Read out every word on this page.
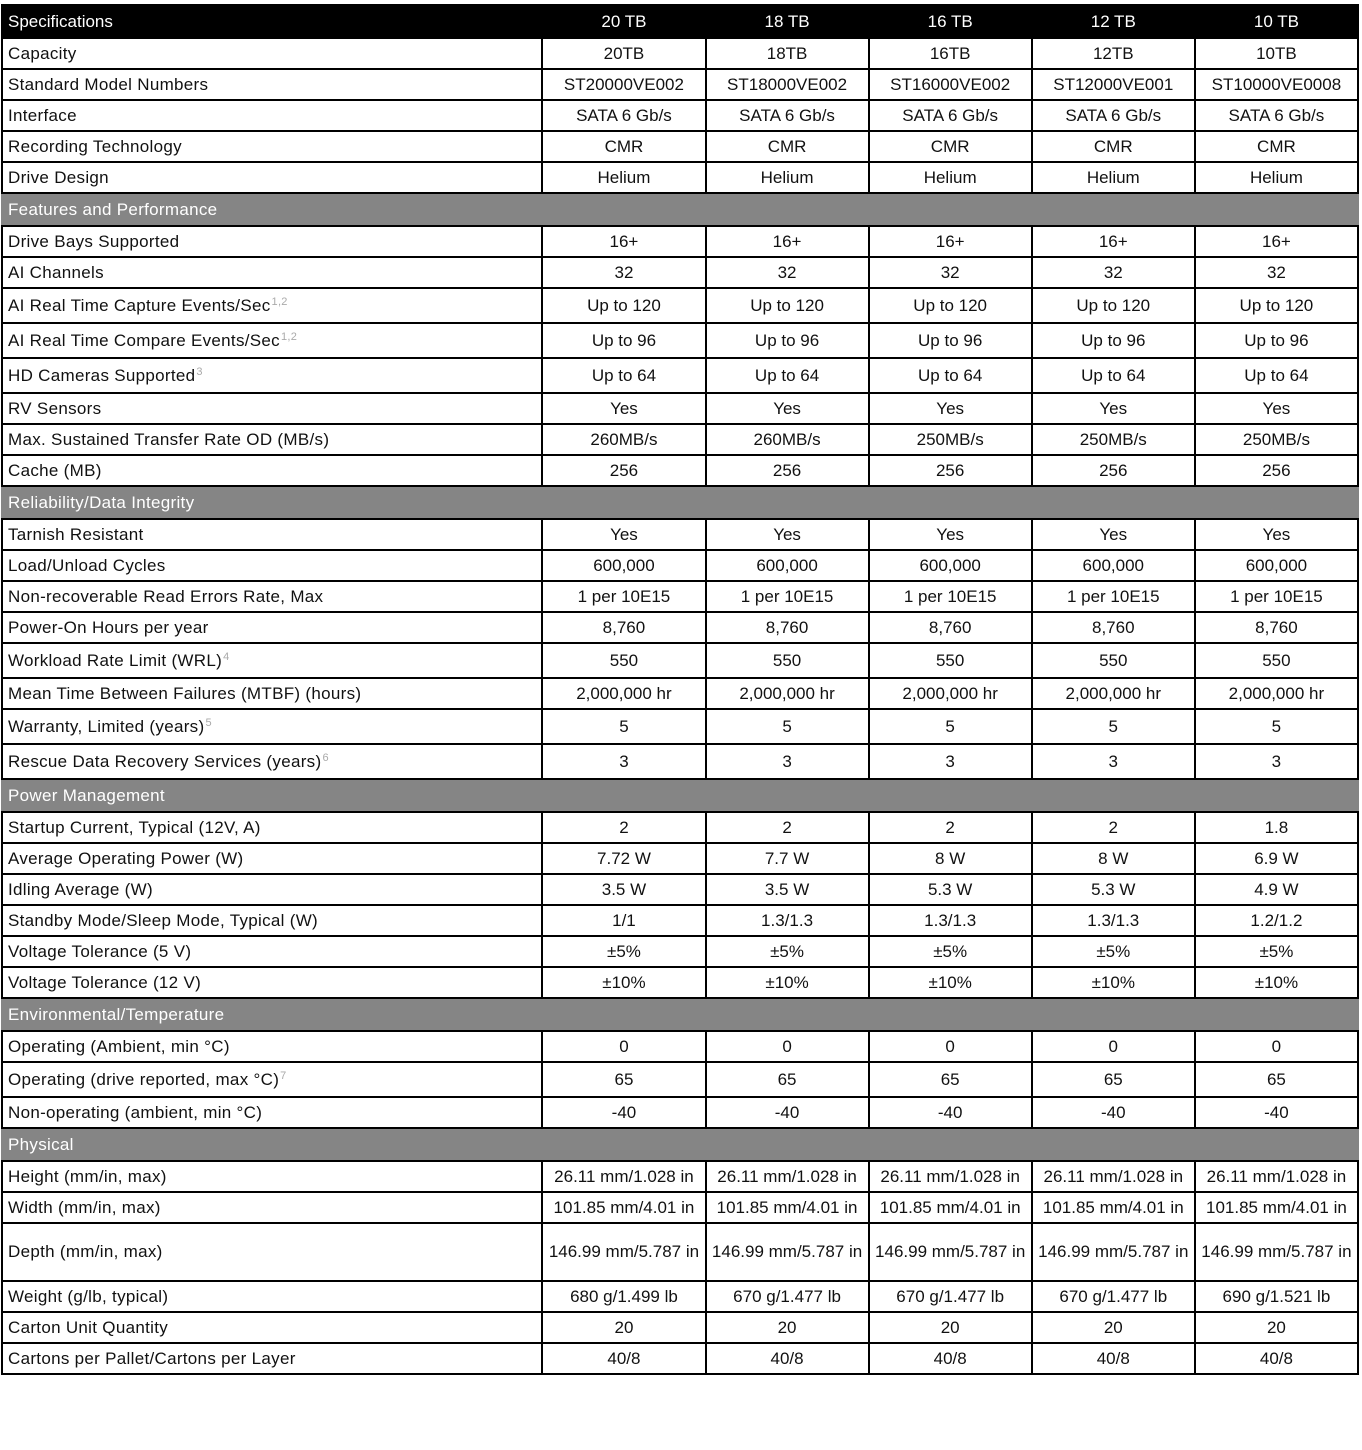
Specifications	20 TB	18 TB	16 TB	12 TB	10 TB
Capacity	20TB	18TB	16TB	12TB	10TB
Standard Model Numbers	ST20000VE002	ST18000VE002	ST16000VE002	ST12000VE001	ST10000VE0008
Interface	SATA 6 Gb/s	SATA 6 Gb/s	SATA 6 Gb/s	SATA 6 Gb/s	SATA 6 Gb/s
Recording Technology	CMR	CMR	CMR	CMR	CMR
Drive Design	Helium	Helium	Helium	Helium	Helium
Features and Performance					
Drive Bays Supported	16+	16+	16+	16+	16+
AI Channels	32	32	32	32	32
AI Real Time Capture Events/Sec$^{1,2}$	Up to 120	Up to 120	Up to 120	Up to 120	Up to 120
AI Real Time Compare Events/Sec$^{1,2}$	Up to 96	Up to 96	Up to 96	Up to 96	Up to 96
HD Cameras Supported$^3$	Up to 64	Up to 64	Up to 64	Up to 64	Up to 64
RV Sensors	Yes	Yes	Yes	Yes	Yes
Max. Sustained Transfer Rate OD (MB/s)	260MB/s	260MB/s	250MB/s	250MB/s	250MB/s
Cache (MB)	256	256	256	256	256
Reliability/Data Integrity					
Tarnish Resistant	Yes	Yes	Yes	Yes	Yes
Load/Unload Cycles	600,000	600,000	600,000	600,000	600,000
Non-recoverable Read Errors Rate, Max	1 per 10E15	1 per 10E15	1 per 10E15	1 per 10E15	1 per 10E15
Power-On Hours per year	8,760	8,760	8,760	8,760	8,760
Workload Rate Limit (WRL)$^4$	550	550	550	550	550
Mean Time Between Failures (MTBF) (hours)	2,000,000 hr	2,000,000 hr	2,000,000 hr	2,000,000 hr	2,000,000 hr
Warranty, Limited (years)$^5$	5	5	5	5	5
Rescue Data Recovery Services (years)$^6$	3	3	3	3	3
Power Management					
Startup Current, Typical (12V, A)	2	2	2	2	1.8
Average Operating Power (W)	7.72 W	7.7 W	8 W	8 W	6.9 W
Idling Average (W)	3.5 W	3.5 W	5.3 W	5.3 W	4.9 W
Standby Mode/Sleep Mode, Typical (W)	1/1	1.3/1.3	1.3/1.3	1.3/1.3	1.2/1.2
Voltage Tolerance (5 V)	±5%	±5%	±5%	±5%	±5%
Voltage Tolerance (12 V)	±10%	±10%	±10%	±10%	±10%
Environmental/Temperature					
Operating (Ambient, min °C)	0	0	0	0	0
Operating (drive reported, max °C)$^7$	65	65	65	65	65
Non-operating (ambient, min °C)	-40	-40	-40	-40	-40
Physical					
Height (mm/in, max)	26.11 mm/1.028 in	26.11 mm/1.028 in	26.11 mm/1.028 in	26.11 mm/1.028 in	26.11 mm/1.028 in
Width (mm/in, max)	101.85 mm/4.01 in	101.85 mm/4.01 in	101.85 mm/4.01 in	101.85 mm/4.01 in	101.85 mm/4.01 in
Depth (mm/in, max)	146.99 mm/5.787 in	146.99 mm/5.787 in	146.99 mm/5.787 in	146.99 mm/5.787 in	146.99 mm/5.787 in
Weight (g/lb, typical)	680 g/1.499 lb	670 g/1.477 lb	670 g/1.477 lb	670 g/1.477 lb	690 g/1.521 lb
Carton Unit Quantity	20	20	20	20	20
Cartons per Pallet/Cartons per Layer	40/8	40/8	40/8	40/8	40/8
